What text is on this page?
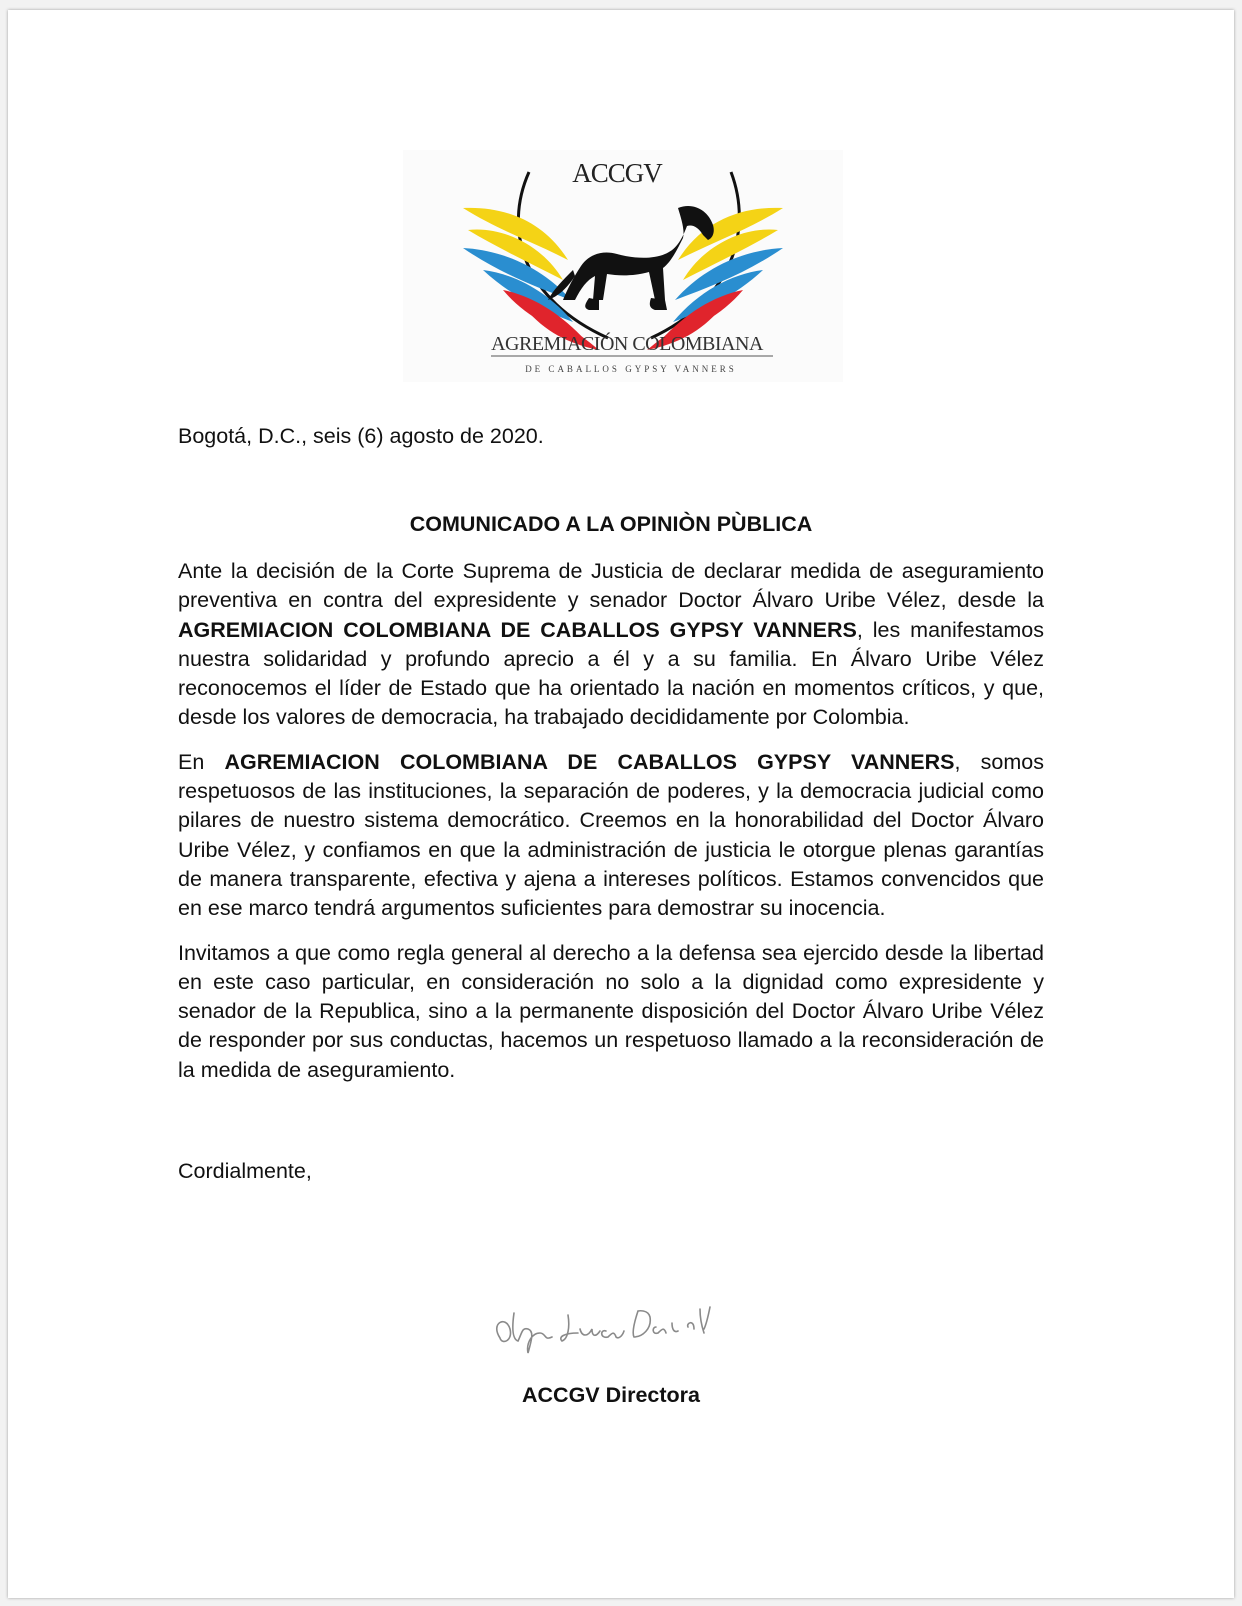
ACCGV
AGREMIACIÓN COLOMBIANA
DE CABALLOS GYPSY VANNERS
Bogotá, D.C., seis (6) agosto de 2020.
COMUNICADO A LA OPINIÒN PÙBLICA

Ante la decisión de la Corte Suprema de Justicia de declarar medida de aseguramiento preventiva en contra del expresidente y senador Doctor Álvaro Uribe Vélez, desde la AGREMIACION COLOMBIANA DE CABALLOS GYPSY VANNERS, les manifestamos nuestra solidaridad y profundo aprecio a él y a su familia. En Álvaro Uribe Vélez reconocemos el líder de Estado que ha orientado la nación en momentos críticos, y que, desde los valores de democracia, ha trabajado decididamente por Colombia.

En AGREMIACION COLOMBIANA DE CABALLOS GYPSY VANNERS, somos respetuosos de las instituciones, la separación de poderes, y la democracia judicial como pilares de nuestro sistema democrático. Creemos en la honorabilidad del Doctor Álvaro Uribe Vélez, y confiamos en que la administración de justicia le otorgue plenas garantías de manera transparente, efectiva y ajena a intereses políticos. Estamos convencidos que en ese marco tendrá argumentos suficientes para demostrar su inocencia.

Invitamos a que como regla general al derecho a la defensa sea ejercido desde la libertad en este caso particular, en consideración no solo a la dignidad como expresidente y senador de la Republica, sino a la permanente disposición del Doctor Álvaro Uribe Vélez de responder por sus conductas, hacemos un respetuoso llamado a la reconsideración de la medida de aseguramiento.

Cordialmente,
ACCGV Directora
